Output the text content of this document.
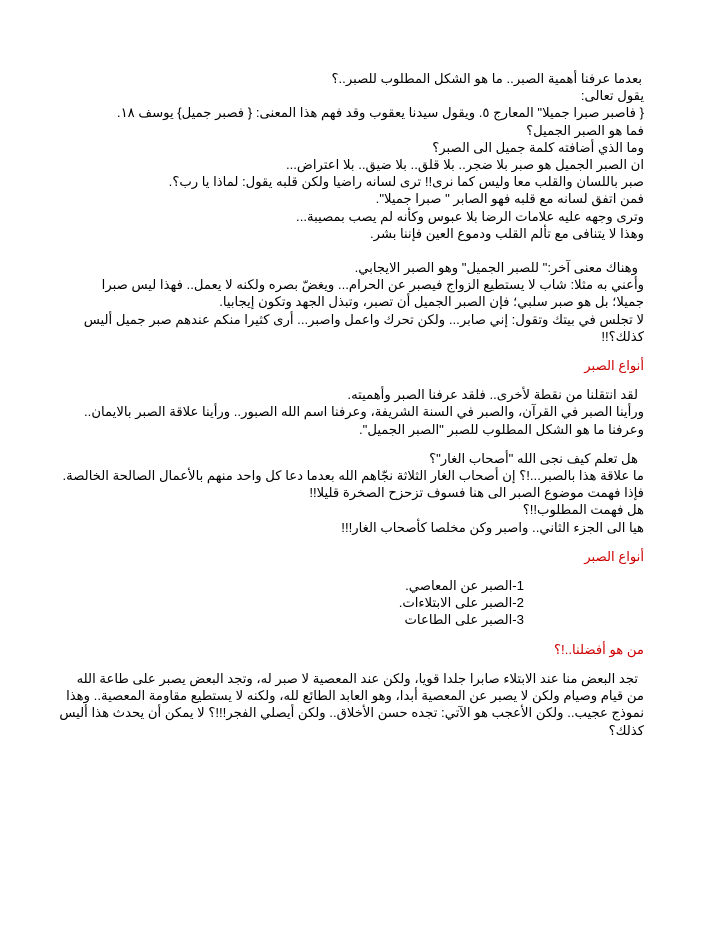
بعدما عرفنا أهمية الصبر.. ما هو الشكل المطلوب للصبر..؟
يقول تعالى:
{ فاصبر صبرا جميلا" المعارج ٥. ويقول سيدنا يعقوب وقد فهم هذا المعنى: { فصبر جميل} يوسف ١٨.
فما هو الصبر الجميل؟
وما الذي أضافته كلمة جميل الى الصبر؟
ان الصبر الجميل هو صبر بلا ضجر.. بلا قلق.. بلا ضيق.. بلا اعتراض...
صبر باللسان والقلب معا وليس كما نرى!! ترى لسانه راضيا ولكن قلبه يقول: لماذا يا رب؟.
فمن اتفق لسانه مع قلبه فهو الصابر " صبرا جميلا".
وترى وجهه عليه علامات الرضا بلا عبوس وكأنه لم يصب بمصيبة...
وهذا لا يتنافى مع تألم القلب ودموع العين فإننا بشر.
وهناك معنى آخر:" للصبر الجميل" وهو الصبر الايجابي.
وأعني به مثلا: شاب لا يستطيع الزواج فيصبر عن الحرام... ويغضّ بصره ولكنه لا يعمل.. فهذا ليس صبرا
جميلا؛ بل هو صبر سلبي؛ فإن الصبر الجميل أن تصبر، وتبذل الجهد وتكون إيجابيا.
لا تجلس في بيتك وتقول: إني صابر... ولكن تحرك واعمل واصبر... أرى كثيرا منكم عندهم صبر جميل أليس
كذلك؟!!
أنواع الصبر
لقد انتقلنا من نقطة لأخرى.. فلقد عرفنا الصبر وأهميته.
ورأينا الصبر في القرآن، والصبر في السنة الشريفة، وعرفنا اسم الله الصبور.. ورأينا علاقة الصبر بالايمان..
وعرفنا ما هو الشكل المطلوب للصبر "الصبر الجميل".
هل تعلم كيف نجى الله "أصحاب الغار"؟
ما علاقة هذا بالصبر...!؟ إن أصحاب الغار الثلاثة نجّاهم الله بعدما دعا كل واحد منهم بالأعمال الصالحة الخالصة.
فإذا فهمت موضوع الصبر الى هنا فسوف تزحزح الصخرة قليلا!!
هل فهمت المطلوب!!؟
هيا الى الجزء الثاني.. واصبر وكن مخلصا كأصحاب الغار!!!
أنواع الصبر
1-الصبر عن المعاصي.
2-الصبر على الابتلاءات.
3-الصبر على الطاعات
من هو أفضلنا..!؟
تجد البعض منا عند الابتلاء صابرا جلدا قويا، ولكن عند المعصية لا صبر له، وتجد البعض يصبر على طاعة الله
من قيام وصيام ولكن لا يصبر عن المعصية أبدا، وهو العابد الطائع لله، ولكنه لا يستطيع مقاومة المعصية.. وهذا
نموذج عجيب.. ولكن الأعجب هو الآتي: تجده حسن الأخلاق.. ولكن أيصلي الفجر!!!؟ لا يمكن أن يحدث هذا أليس
كذلك؟
